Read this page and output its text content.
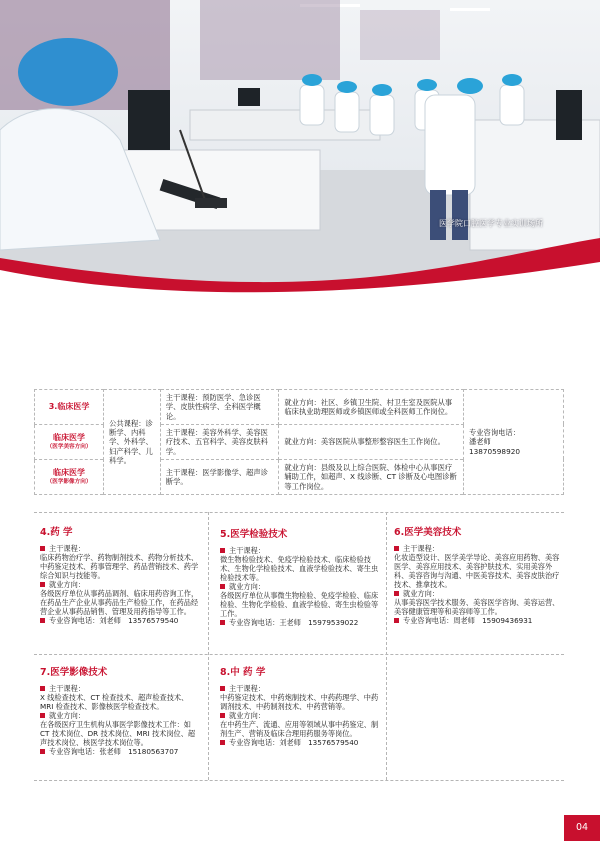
医学院口腔医学专业实训场所
3.临床医学	公共课程：诊断学、内科学、外科学、妇产科学、儿科学。	主干课程：预防医学、急诊医学、皮肤性病学、全科医学概论。	就业方向：社区、乡镇卫生院、村卫生室及医院从事临床执业助理医师或乡镇医师或全科医师工作岗位。	专业咨询电话：
潘老师
13870598920

临床医学
（医学美容方向）		主干课程：美容外科学、美容医疗技术、五官科学、美容皮肤科学。	就业方向：美容医院从事整形整容医生工作岗位。	
临床医学
（医学影像方向）		主干课程：医学影像学、超声诊断学。	就业方向：县级及以上综合医院、体检中心从事医疗辅助工作，如超声、X 线诊断、CT 诊断及心电图诊断等工作岗位。	
4.药 学
主干课程：
临床药物治疗学、药物制剂技术、药物分析技术、中药鉴定技术、药事管理学、药品营销技术、药学综合知识与技能等。
就业方向：
各级医疗单位从事药品调剂、临床用药咨询工作，在药品生产企业从事药品生产检验工作，在药品经营企业从事药品销售、管理及用药指导等工作。
专业咨询电话：刘老师　13576579540
5.医学检验技术
主干课程：
微生物检验技术、免疫学检验技术、临床检验技术、生物化学检验技术、血液学检验技术、寄生虫检验技术等。
就业方向：
各级医疗单位从事微生物检验、免疫学检验、临床检验、生物化学检验、血液学检验、寄生虫检验等工作。
专业咨询电话：王老师　15979539022
6.医学美容技术
主干课程：
化妆造型设计、医学美学导论、美容应用药物、美容医学、美容应用技术、美容护肤技术、实用美容外科、美容咨询与沟通、中医美容技术、美容皮肤治疗技术、推拿技术。
就业方向：
从事美容医学技术服务、美容医学咨询、美容运营、美容健康管理等和美容师等工作。
专业咨询电话：周老师　15909436931
7.医学影像技术
主干课程：
X 线检查技术、CT 检查技术、超声检查技术、MRI 检查技术、影像核医学检查技术。
就业方向：
在各级医疗卫生机构从事医学影像技术工作：如 CT 技术岗位、DR 技术岗位、MRI 技术岗位、超声技术岗位、核医学技术岗位等。
专业咨询电话：张老师　15180563707
8.中 药 学
主干课程：
中药鉴定技术、中药炮制技术、中药药理学、中药调剂技术、中药制剂技术、中药营销等。
就业方向：
在中药生产、流通、应用等领域从事中药鉴定、制剂生产、营销及临床合理用药服务等岗位。
专业咨询电话：刘老师　13576579540
04
